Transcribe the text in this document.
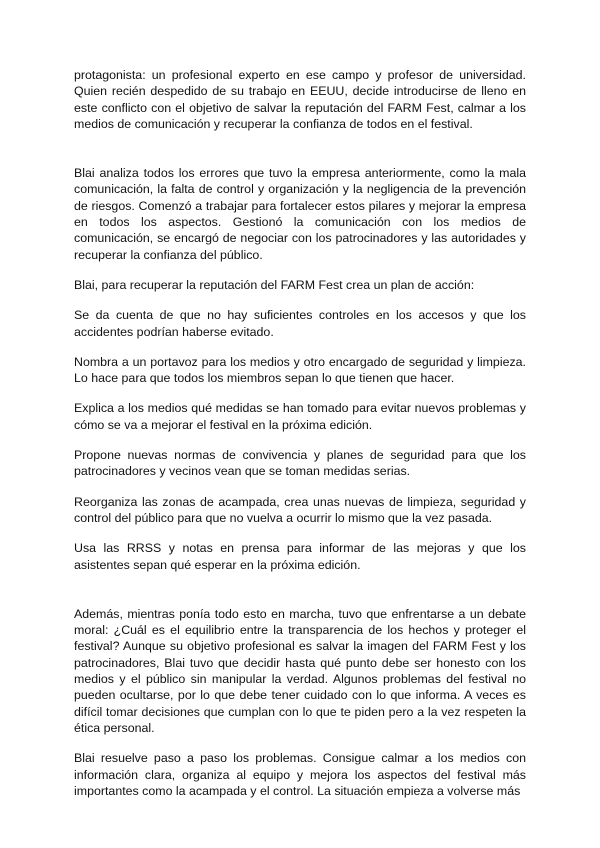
protagonista: un profesional experto en ese campo y profesor de universidad. Quien recién despedido de su trabajo en EEUU, decide introducirse de lleno en este conflicto con el objetivo de salvar la reputación del FARM Fest, calmar a los medios de comunicación y recuperar la confianza de todos en el festival.

Blai analiza todos los errores que tuvo la empresa anteriormente, como la mala comunicación, la falta de control y organización y la negligencia de la prevención de riesgos. Comenzó a trabajar para fortalecer estos pilares y mejorar la empresa en todos los aspectos. Gestionó la comunicación con los medios de comunicación, se encargó de negociar con los patrocinadores y las autoridades y recuperar la confianza del público.

Blai, para recuperar la reputación del FARM Fest crea un plan de acción:

Se da cuenta de que no hay suficientes controles en los accesos y que los accidentes podrían haberse evitado.

Nombra a un portavoz para los medios y otro encargado de seguridad y limpieza. Lo hace para que todos los miembros sepan lo que tienen que hacer.

Explica a los medios qué medidas se han tomado para evitar nuevos problemas y cómo se va a mejorar el festival en la próxima edición.

Propone nuevas normas de convivencia y planes de seguridad para que los patrocinadores y vecinos vean que se toman medidas serias.

Reorganiza las zonas de acampada, crea unas nuevas de limpieza, seguridad y control del público para que no vuelva a ocurrir lo mismo que la vez pasada.

Usa las RRSS y notas en prensa para informar de las mejoras y que los asistentes sepan qué esperar en la próxima edición.

Además, mientras ponía todo esto en marcha, tuvo que enfrentarse a un debate moral: ¿Cuál es el equilibrio entre la transparencia de los hechos y proteger el festival? Aunque su objetivo profesional es salvar la imagen del FARM Fest y los patrocinadores, Blai tuvo que decidir hasta qué punto debe ser honesto con los medios y el público sin manipular la verdad. Algunos problemas del festival no pueden ocultarse, por lo que debe tener cuidado con lo que informa. A veces es difícil tomar decisiones que cumplan con lo que te piden pero a la vez respeten la ética personal.

Blai resuelve paso a paso los problemas. Consigue calmar a los medios con información clara, organiza al equipo y mejora los aspectos del festival más importantes como la acampada y el control. La situación empieza a volverse más
